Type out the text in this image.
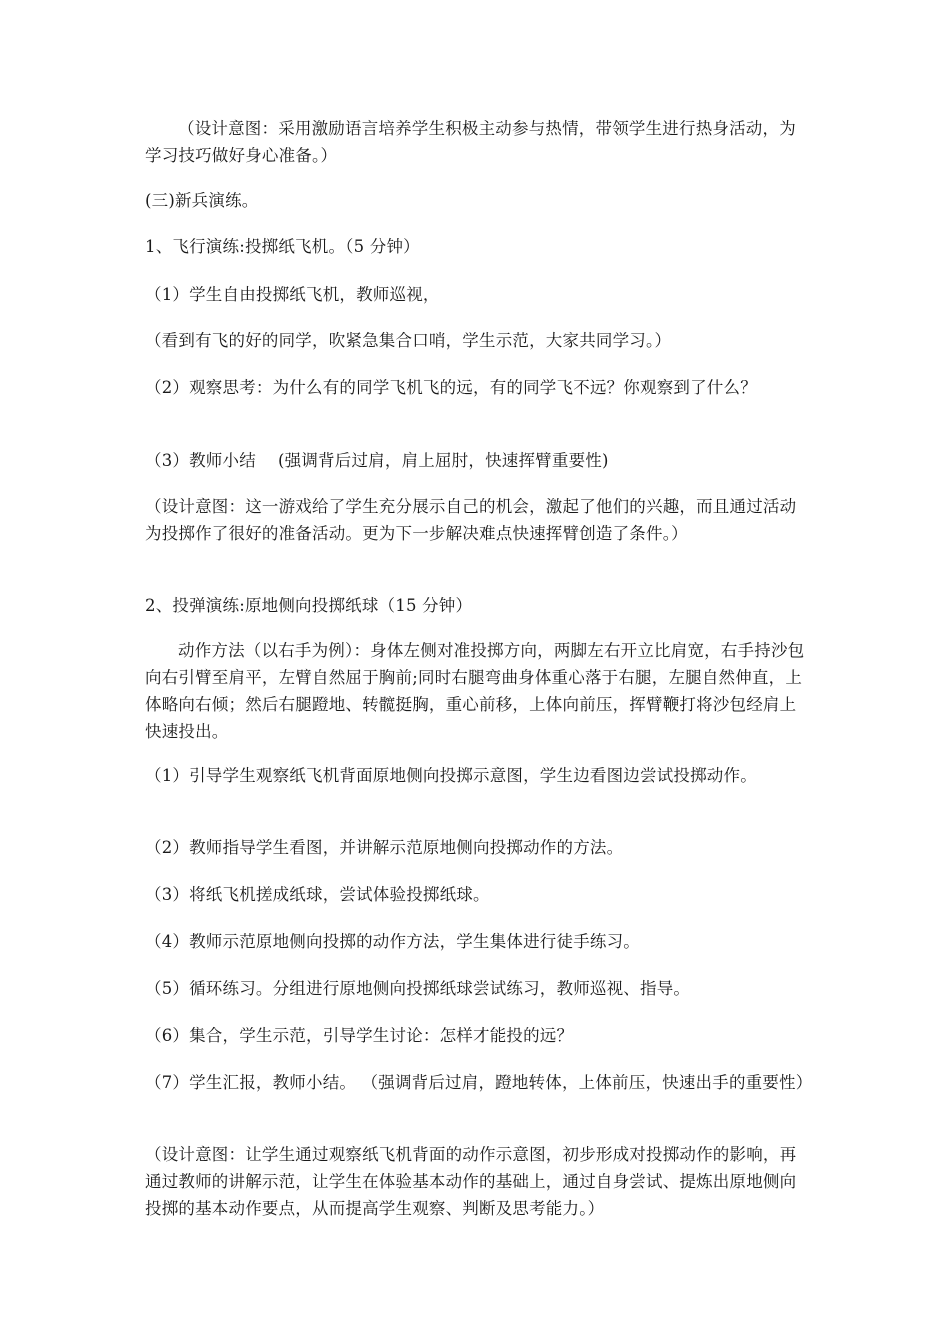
（设计意图：采用激励语言培养学生积极主动参与热情，带领学生进行热身活动，为学习技巧做好身心准备。）
(三)新兵演练。
1、飞行演练:投掷纸飞机。（5 分钟）
（1）学生自由投掷纸飞机，教师巡视，
（看到有飞的好的同学，吹紧急集合口哨，学生示范，大家共同学习。）
（2）观察思考：为什么有的同学飞机飞的远，有的同学飞不远？你观察到了什么？
（3）教师小结　 (强调背后过肩，肩上屈肘，快速挥臂重要性)
（设计意图：这一游戏给了学生充分展示自己的机会，激起了他们的兴趣，而且通过活动为投掷作了很好的准备活动。更为下一步解决难点快速挥臂创造了条件。）
2、投弹演练:原地侧向投掷纸球（15 分钟）
动作方法（以右手为例）：身体左侧对准投掷方向，两脚左右开立比肩宽，右手持沙包向右引臂至肩平，左臂自然屈于胸前;同时右腿弯曲身体重心落于右腿，左腿自然伸直，上体略向右倾；然后右腿蹬地、转髋挺胸，重心前移，上体向前压，挥臂鞭打将沙包经肩上快速投出。
（1）引导学生观察纸飞机背面原地侧向投掷示意图，学生边看图边尝试投掷动作。
（2）教师指导学生看图，并讲解示范原地侧向投掷动作的方法。
（3）将纸飞机搓成纸球，尝试体验投掷纸球。
（4）教师示范原地侧向投掷的动作方法，学生集体进行徒手练习。
（5）循环练习。分组进行原地侧向投掷纸球尝试练习，教师巡视、指导。
（6）集合，学生示范，引导学生讨论：怎样才能投的远？
（7）学生汇报，教师小结。 （强调背后过肩，蹬地转体，上体前压，快速出手的重要性）
（设计意图：让学生通过观察纸飞机背面的动作示意图，初步形成对投掷动作的影响，再通过教师的讲解示范，让学生在体验基本动作的基础上，通过自身尝试、提炼出原地侧向投掷的基本动作要点，从而提高学生观察、判断及思考能力。）
